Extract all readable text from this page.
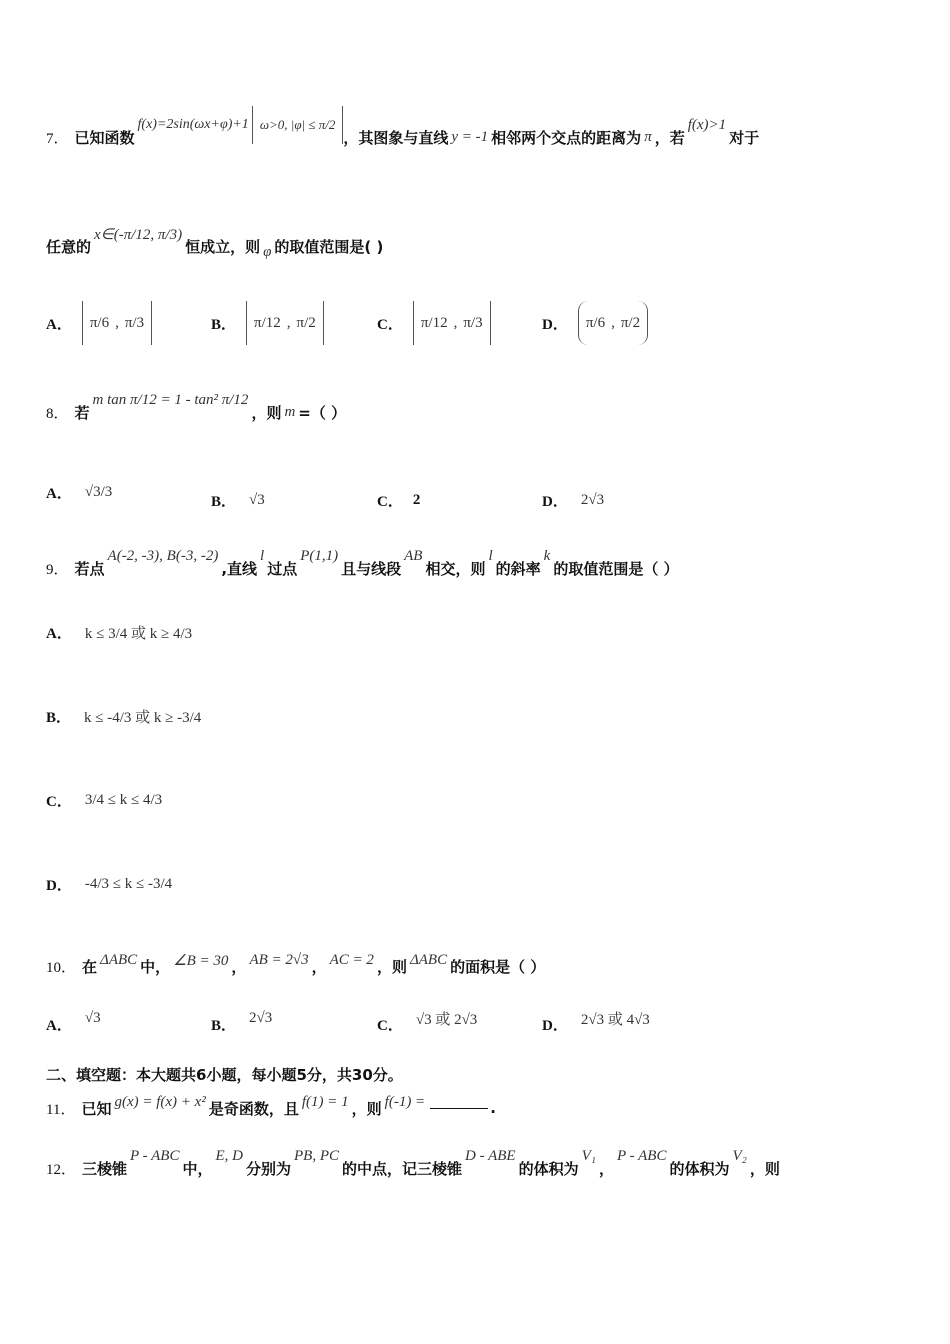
7． 已知函数
f(x)=2sin(ωx+φ)+1 ω>0, |φ| ≤ π/2
，其图象与直线 y = -1 相邻两个交点的距离为 π ，若
f(x)>1
对于
任意的
x∈(-π/12, π/3)
恒成立，则 φ 的取值范围是( )
A． π/6 , π/3	B． π/12 , π/2	C． π/12 , π/3	D． π/6 , π/2
8． 若
m tan π/12 = 1 - tan² π/12
，则 m =（ ）
A． √3/3
B． √3	C． 2	D． 2√3
9． 若点
A(-2, -3), B(-3, -2)
,直线
l
过点
P(1,1)
且与线段
AB
相交，则
l
的斜率
k
的取值范围是（ ）
A． k ≤ 3/4 或 k ≥ 4/3
B． k ≤ -4/3 或 k ≥ -3/4
C． 3/4 ≤ k ≤ 4/3
D． -4/3 ≤ k ≤ -3/4
10． 在 ΔABC 中， ∠B = 30 ， AB = 2√3 ， AC = 2 ，则 ΔABC 的面积是（ ）
A． √3	B． 2√3	C． √3 或 2√3	D． 2√3 或 4√3
二、填空题：本大题共6小题，每小题5分，共30分。
11． 已知 g(x) = f(x) + x² 是奇函数，且 f(1) = 1 ，则 f(-1) =	.
12． 三棱锥
P - ABC
中，
E, D
分别为
PB, PC
的中点，记三棱锥
D - ABE
的体积为
V₁
，
P - ABC
的体积为
V₂
，则
